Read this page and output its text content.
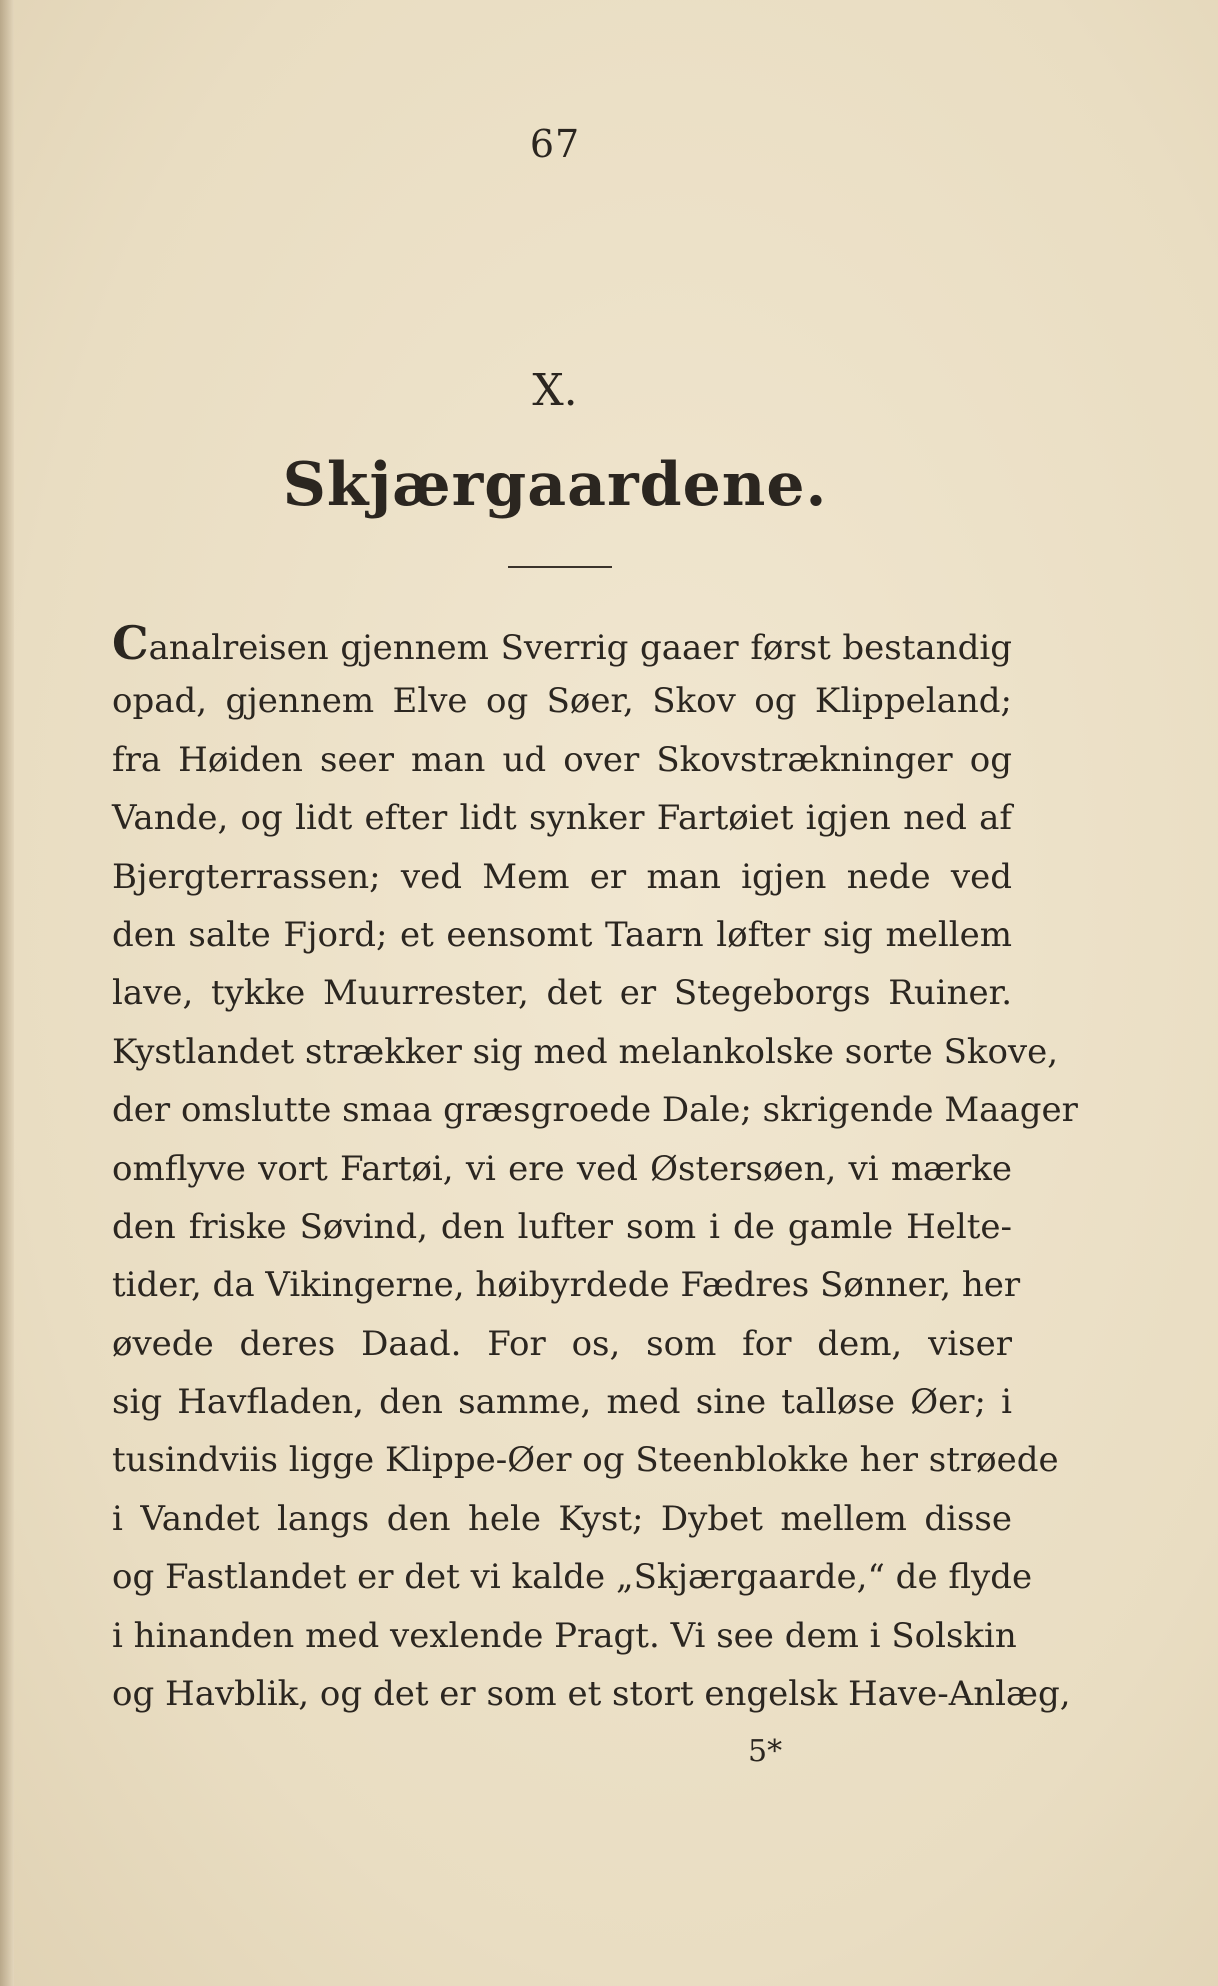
67
X.
Skjærgaardene.
Canalreisen gjennem Sverrig gaaer først bestandig
opad, gjennem Elve og Søer, Skov og Klippeland;
fra Høiden seer man ud over Skovstrækninger og
Vande, og lidt efter lidt synker Fartøiet igjen ned af
Bjergterrassen; ved Mem er man igjen nede ved
den salte Fjord; et eensomt Taarn løfter sig mellem
lave, tykke Muurrester, det er Stegeborgs Ruiner.
Kystlandet strækker sig med melankolske sorte Skove,
der omslutte smaa græsgroede Dale; skrigende Maager
omflyve vort Fartøi, vi ere ved Østersøen, vi mærke
den friske Søvind, den lufter som i de gamle Helte-
tider, da Vikingerne, høibyrdede Fædres Sønner, her
øvede deres Daad. For os, som for dem, viser
sig Havfladen, den samme, med sine talløse Øer; i
tusindviis ligge Klippe-Øer og Steenblokke her strøede
i Vandet langs den hele Kyst; Dybet mellem disse
og Fastlandet er det vi kalde „Skjærgaarde,“ de flyde
i hinanden med vexlende Pragt. Vi see dem i Solskin
og Havblik, og det er som et stort engelsk Have-Anlæg,
5*
